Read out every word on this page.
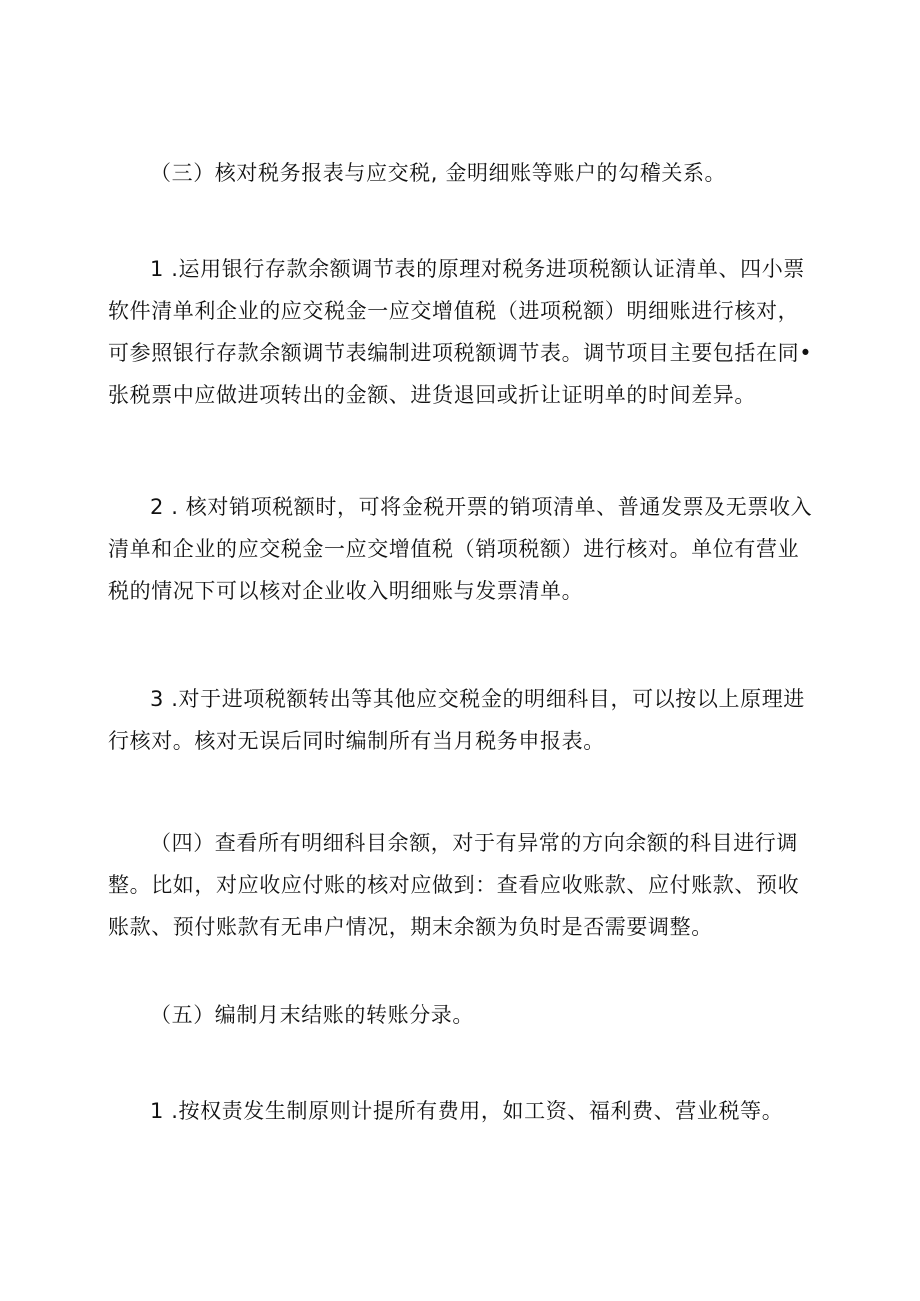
（三）核对税务报表与应交税, 金明细账等账户的勾稽关系。
1 .运用银行存款余额调节表的原理对税务进项税额认证清单、四小票
软件清单利企业的应交税金一应交增值税（进项税额）明细账进行核对，
可参照银行存款余额调节表编制进项税额调节表。调节项目主要包括在同•
张税票中应做进项转出的金额、进货退回或折让证明单的时间差异。
2 . 核对销项税额时，可将金税开票的销项清单、普通发票及无票收入
清单和企业的应交税金一应交增值税（销项税额）进行核对。单位有营业
税的情况下可以核对企业收入明细账与发票清单。
3 .对于进项税额转出等其他应交税金的明细科目，可以按以上原理进
行核对。核对无误后同时编制所有当月税务申报表。
（四）查看所有明细科目余额，对于有异常的方向余额的科目进行调
整。比如，对应收应付账的核对应做到：查看应收账款、应付账款、预收
账款、预付账款有无串户情况，期末余额为负时是否需要调整。
（五）编制月末结账的转账分录。
1 .按权责发生制原则计提所有费用，如工资、福利费、营业税等。
